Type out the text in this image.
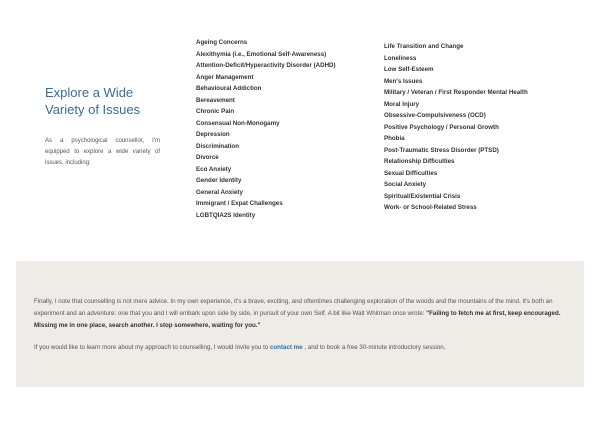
Explore a Wide Variety of Issues

As a psychological counsellor, I'm equipped to explore a wide variety of issues, including:

Ageing Concerns
Alexithymia (i.e., Emotional Self-Awareness)
Attention-Deficit/Hyperactivity Disorder (ADHD)
Anger Management
Behavioural Addiction
Bereavement
Chronic Pain
Consensual Non-Monogamy
Depression
Discrimination
Divorce
Eco Anxiety
Gender Identity
General Anxiety
Immigrant / Expat Challenges
LGBTQIA2S Identity
Life Transition and Change
Loneliness
Low Self-Esteem
Men's Issues
Military / Veteran / First Responder Mental Health
Moral Injury
Obsessive-Compulsiveness (OCD)
Positive Psychology / Personal Growth
Phobia
Post-Traumatic Stress Disorder (PTSD)
Relationship Difficulties
Sexual Difficulties
Social Anxiety
Spiritual/Existential Crisis
Work- or School-Related Stress
Finally, I note that counselling is not mere advice. In my own experience, it's a brave, exciting, and oftentimes challenging exploration of the woods and the mountains of the mind. It's both an experiment and an adventure: one that you and I will embark upon side by side, in pursuit of your own Self. A bit like Walt Whitman once wrote: "Failing to fetch me at first, keep encouraged. Missing me in one place, search another. I stop somewhere, waiting for you."
If you would like to learn more about my approach to counselling, I would invite you to contact me , and to book a free 30-minute introductory session.
